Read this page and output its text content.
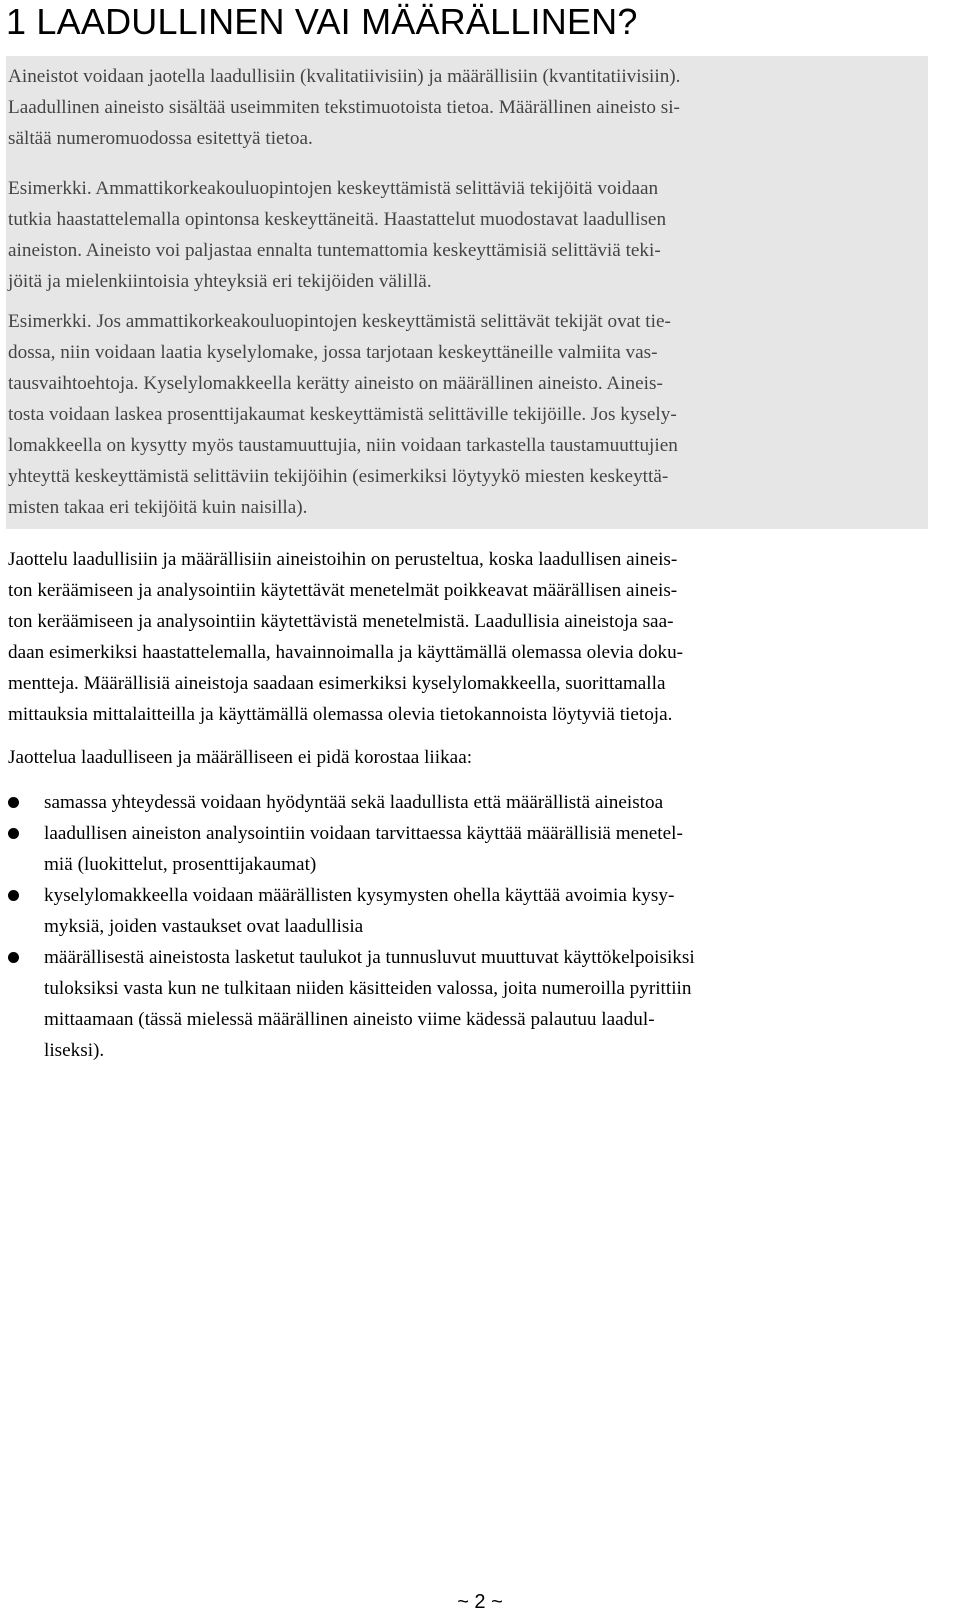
1 LAADULLINEN VAI MÄÄRÄLLINEN?
Aineistot voidaan jaotella laadullisiin (kvalitatiivisiin) ja määrällisiin (kvantitatiivisiin).
Laadullinen aineisto sisältää useimmiten tekstimuotoista tietoa. Määrällinen aineisto si-
sältää numeromuodossa esitettyä tietoa.
Esimerkki. Ammattikorkeakouluopintojen keskeyttämistä selittäviä tekijöitä voidaan
tutkia haastattelemalla opintonsa keskeyttäneitä. Haastattelut muodostavat laadullisen
aineiston. Aineisto voi paljastaa ennalta tuntemattomia keskeyttämisiä selittäviä teki-
jöitä ja mielenkiintoisia yhteyksiä eri tekijöiden välillä.
Esimerkki. Jos ammattikorkeakouluopintojen keskeyttämistä selittävät tekijät ovat tie-
dossa, niin voidaan laatia kyselylomake, jossa tarjotaan keskeyttäneille valmiita vas-
tausvaihtoehtoja. Kyselylomakkeella kerätty aineisto on määrällinen aineisto. Aineis-
tosta voidaan laskea prosenttijakaumat keskeyttämistä selittäville tekijöille. Jos kysely-
lomakkeella on kysytty myös taustamuuttujia, niin voidaan tarkastella taustamuuttujien
yhteyttä keskeyttämistä selittäviin tekijöihin (esimerkiksi löytyykö miesten keskeyttä-
misten takaa eri tekijöitä kuin naisilla).
Jaottelu laadullisiin ja määrällisiin aineistoihin on perusteltua, koska laadullisen aineis-
ton keräämiseen ja analysointiin käytettävät menetelmät poikkeavat määrällisen aineis-
ton keräämiseen ja analysointiin käytettävistä menetelmistä. Laadullisia aineistoja saa-
daan esimerkiksi haastattelemalla, havainnoimalla ja käyttämällä olemassa olevia doku-
mentteja. Määrällisiä aineistoja saadaan esimerkiksi kyselylomakkeella, suorittamalla
mittauksia mittalaitteilla ja käyttämällä olemassa olevia tietokannoista löytyviä tietoja.
Jaottelua laadulliseen ja määrälliseen ei pidä korostaa liikaa:
samassa yhteydessä voidaan hyödyntää sekä laadullista että määrällistä aineistoa
laadullisen aineiston analysointiin voidaan tarvittaessa käyttää määrällisiä menetel-
miä (luokittelut, prosenttijakaumat)
kyselylomakkeella voidaan määrällisten kysymysten ohella käyttää avoimia kysy-
myksiä, joiden vastaukset ovat laadullisia
määrällisestä aineistosta lasketut taulukot ja tunnusluvut muuttuvat käyttökelpoisiksi
tuloksiksi vasta kun ne tulkitaan niiden käsitteiden valossa, joita numeroilla pyrittiin
mittaamaan (tässä mielessä määrällinen aineisto viime kädessä palautuu laadul-
liseksi).
~ 2 ~
